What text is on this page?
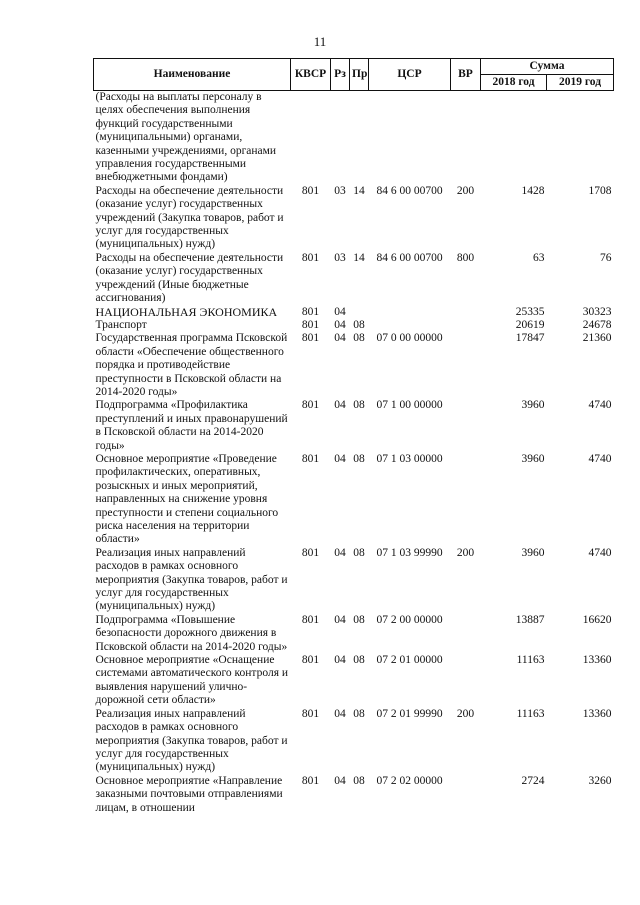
11
Наименование	КВСР	Рз	Пр	ЦСР	ВР	Сумма	
						2018 год	2019 год
(Расходы на выплаты персоналу в целях обеспечения выполнения функций государственными (муниципальными) органами, казенными учреждениями, органами управления государственными внебюджетными фондами)							
Расходы на обеспечение деятельности (оказание услуг) государственных учреждений (Закупка товаров, работ и услуг для государственных (муниципальных) нужд)	801	03	14	84 6 00 00700	200	1428	1708
Расходы на обеспечение деятельности (оказание услуг) государственных учреждений (Иные бюджетные ассигнования)	801	03	14	84 6 00 00700	800	63	76
НАЦИОНАЛЬНАЯ ЭКОНОМИКА	801	04				25335	30323
Транспорт	801	04	08			20619	24678
Государственная программа Псковской области «Обеспечение общественного порядка и противодействие преступности в Псковской области на 2014-2020 годы»	801	04	08	07 0 00 00000		17847	21360
Подпрограмма «Профилактика преступлений и иных правонарушений в Псковской области на 2014-2020 годы»	801	04	08	07 1 00 00000		3960	4740
Основное мероприятие «Проведение профилактических, оперативных, розыскных и иных мероприятий, направленных на снижение уровня преступности и степени социального риска населения на территории области»	801	04	08	07 1 03 00000		3960	4740
Реализация иных направлений расходов в рамках основного мероприятия (Закупка товаров, работ и услуг для государственных (муниципальных) нужд)	801	04	08	07 1 03 99990	200	3960	4740
Подпрограмма «Повышение безопасности дорожного движения в Псковской области на 2014-2020 годы»	801	04	08	07 2 00 00000		13887	16620
Основное мероприятие «Оснащение системами автоматического контроля и выявления нарушений улично-дорожной сети области»	801	04	08	07 2 01 00000		11163	13360
Реализация иных направлений расходов в рамках основного мероприятия (Закупка товаров, работ и услуг для государственных (муниципальных) нужд)	801	04	08	07 2 01 99990	200	11163	13360
Основное мероприятие «Направление заказными почтовыми отправлениями лицам, в отношении	801	04	08	07 2 02 00000		2724	3260
